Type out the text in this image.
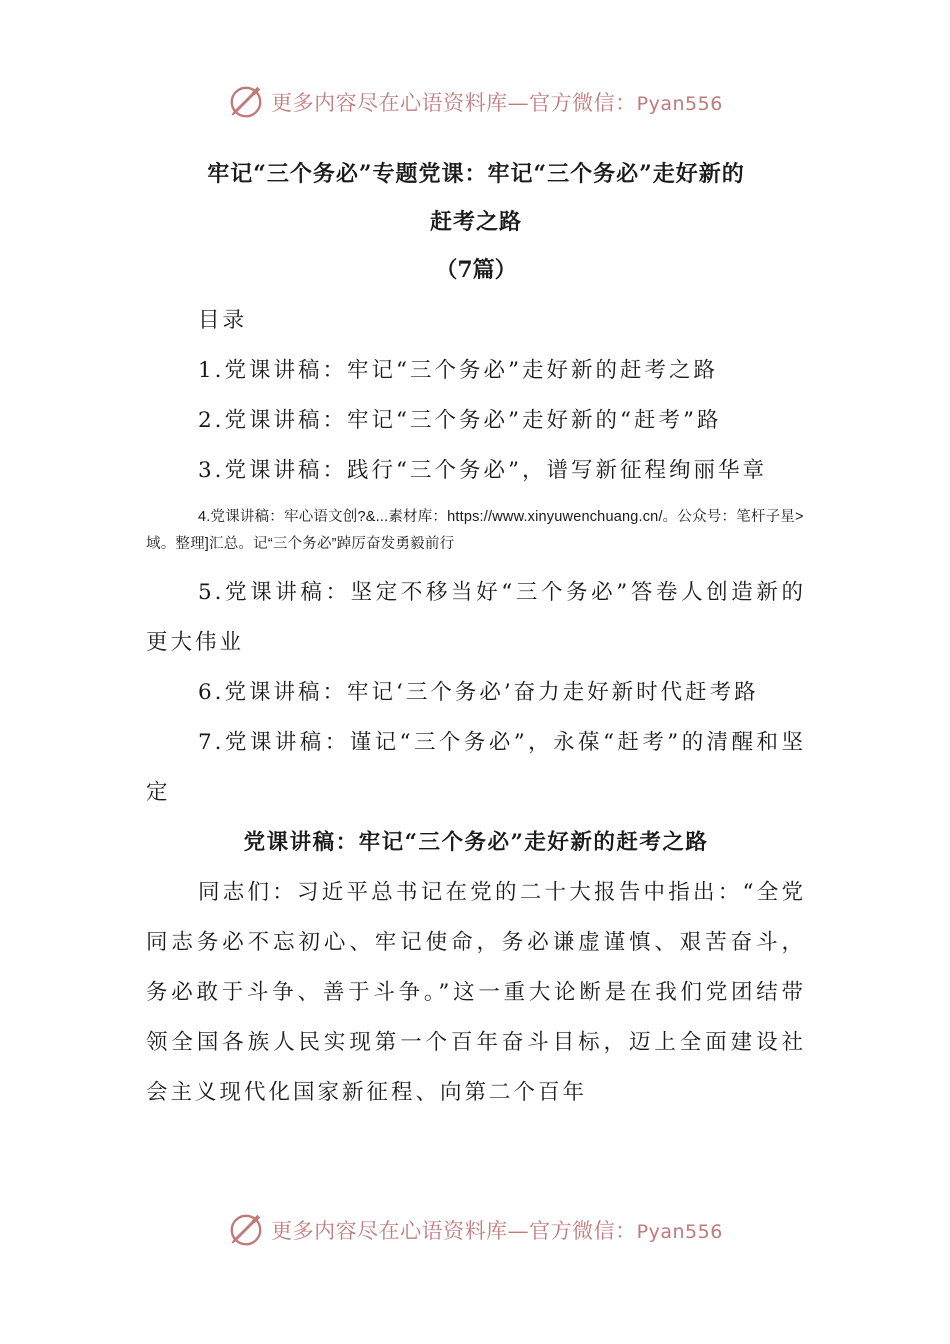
更多内容尽在心语资料库—官方微信：Pyan556
牢记“三个务必”专题党课：牢记“三个务必”走好新的
赶考之路
（7篇）

目录

1.党课讲稿：牢记“三个务必”走好新的赶考之路

2.党课讲稿：牢记“三个务必”走好新的“赶考”路

3.党课讲稿：践行“三个务必”，谱写新征程绚丽华章

4.党课讲稿：牢心语文创?&...素材库：https://www.xinyuwenchuang.cn/。公众号：笔杆子星>域。整理]汇总。记“三个务必”踔厉奋发勇毅前行

5.党课讲稿：坚定不移当好“三个务必”答卷人创造新的更大伟业

6.党课讲稿：牢记‘三个务必’奋力走好新时代赶考路

7.党课讲稿：谨记“三个务必”，永葆“赶考”的清醒和坚定

党课讲稿：牢记“三个务必”走好新的赶考之路

同志们：习近平总书记在党的二十大报告中指出：“全党同志务必不忘初心、牢记使命，务必谦虚谨慎、艰苦奋斗，务必敢于斗争、善于斗争。”这一重大论断是在我们党团结带领全国各族人民实现第一个百年奋斗目标，迈上全面建设社会主义现代化国家新征程、向第二个百年

更多内容尽在心语资料库—官方微信：Pyan556
